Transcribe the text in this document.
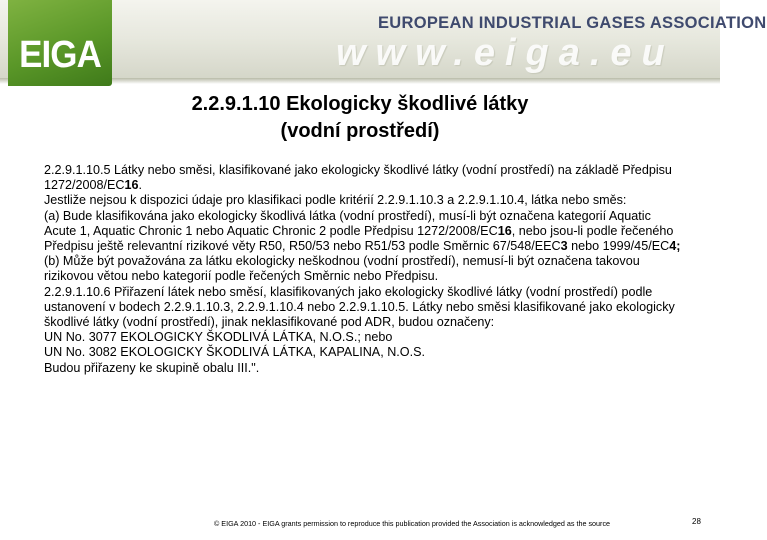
www.eiga.eu
EUROPEAN INDUSTRIAL GASES ASSOCIATION
EIGA
2.2.9.1.10 Ekologicky škodlivé látky
(vodní prostředí)

2.2.9.1.10.5 Látky nebo směsi, klasifikované jako ekologicky škodlivé látky (vodní prostředí) na základě Předpisu 1272/2008/EC16.

Jestliže nejsou k dispozici údaje pro klasifikaci podle kritérií 2.2.9.1.10.3 a 2.2.9.1.10.4, látka nebo směs:

(a) Bude klasifikována jako ekologicky škodlivá látka (vodní prostředí), musí-li být označena kategorií Aquatic Acute 1, Aquatic Chronic 1 nebo Aquatic Chronic 2 podle Předpisu 1272/2008/EC16, nebo jsou-li podle řečeného Předpisu ještě relevantní rizikové věty R50, R50/53 nebo R51/53 podle Směrnic 67/548/EEC3 nebo 1999/45/EC4;

(b) Může být považována za látku ekologicky neškodnou (vodní prostředí), nemusí-li být označena takovou rizikovou větou nebo kategorií podle řečených Směrnic nebo Předpisu.

2.2.9.1.10.6 Přiřazení látek nebo směsí, klasifikovaných jako ekologicky škodlivé látky (vodní prostředí) podle ustanovení v bodech 2.2.9.1.10.3, 2.2.9.1.10.4 nebo 2.2.9.1.10.5. Látky nebo směsi klasifikované jako ekologicky škodlivé látky (vodní prostředí), jinak neklasifikované pod ADR, budou označeny:

UN No. 3077 EKOLOGICKY ŠKODLIVÁ LÁTKA, N.O.S.; nebo

UN No. 3082 EKOLOGICKY ŠKODLIVÁ LÁTKA, KAPALINA, N.O.S.

Budou přiřazeny ke skupině obalu III.".

© EIGA 2010 - EIGA grants permission to reproduce this publication provided the Association is acknowledged as the source	28
